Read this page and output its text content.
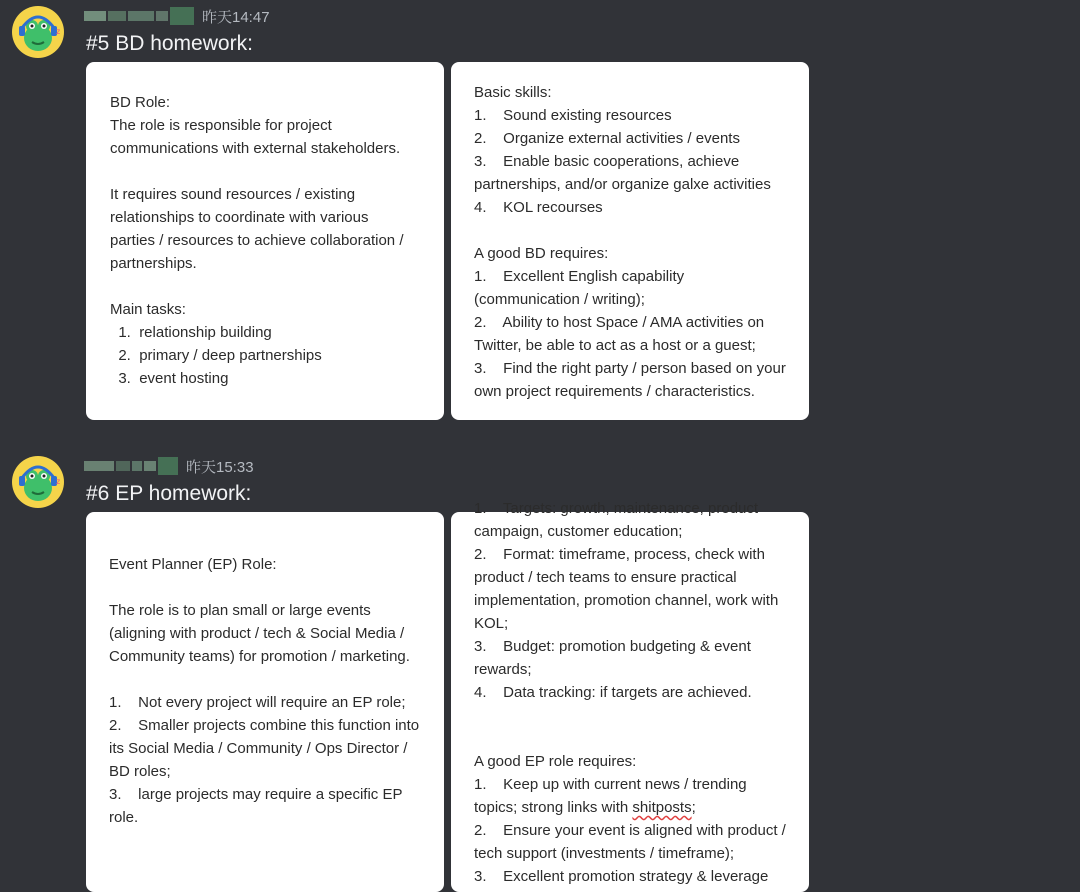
z
昨天14:47
#5 BD homework:

BD Role:
The role is responsible for project
communications with external stakeholders.

It requires sound resources / existing
relationships to coordinate with various
parties / resources to achieve collaboration /
partnerships.

Main tasks:
1.  relationship building
2.  primary / deep partnerships
3.  event hosting

Basic skills:
1.    Sound existing resources
2.    Organize external activities / events
3.    Enable basic cooperations, achieve
partnerships, and/or organize galxe activities
4.    KOL recourses

A good BD requires:
1.    Excellent English capability
(communication / writing);
2.    Ability to host Space / AMA activities on
Twitter, be able to act as a host or a guest;
3.    Find the right party / person based on your
own project requirements / characteristics.

z
昨天15:33
#6 EP homework:

Event Planner (EP) Role:

The role is to plan small or large events
(aligning with product / tech & Social Media /
Community teams) for promotion / marketing.

1.    Not every project will require an EP role;
2.    Smaller projects combine this function into
its Social Media / Community / Ops Director /
BD roles;
3.    large projects may require a specific EP
role.

1.    Targets: growth, maintenance, product
campaign, customer education;
2.    Format: timeframe, process, check with
product / tech teams to ensure practical
implementation, promotion channel, work with
KOL;
3.    Budget: promotion budgeting & event
rewards;
4.    Data tracking: if targets are achieved.

A good EP role requires:
1.    Keep up with current news / trending
topics; strong links with shitposts;
2.    Ensure your event is aligned with product /
tech support (investments / timeframe);
3.    Excellent promotion strategy & leverage
